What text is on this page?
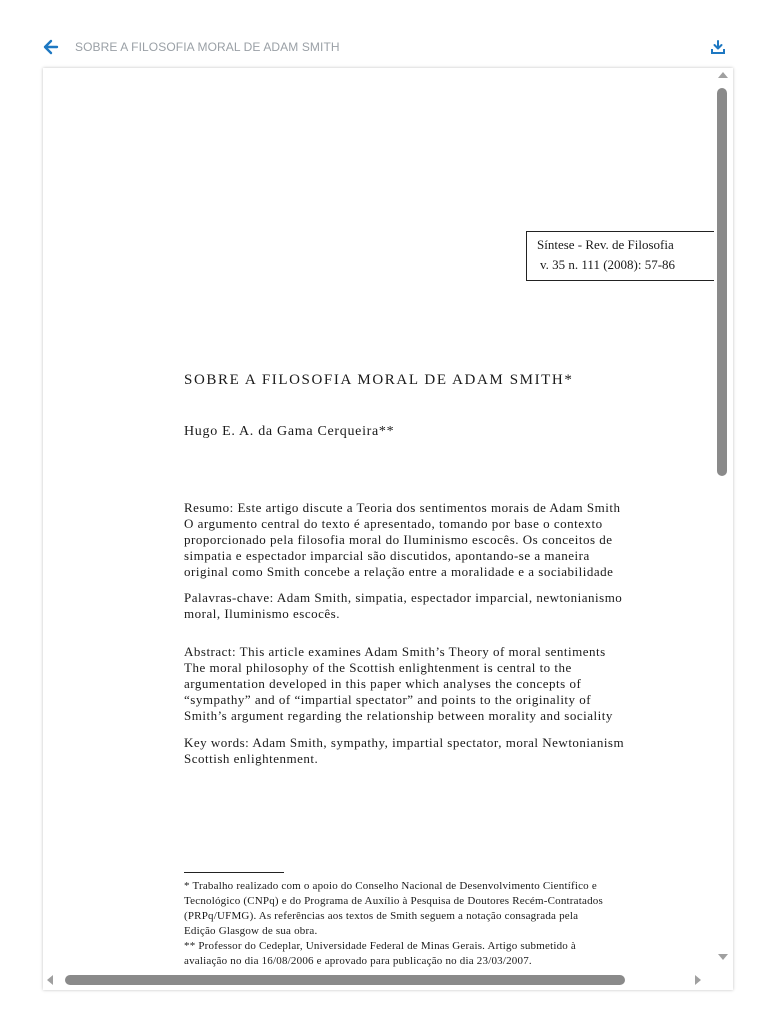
SOBRE A FILOSOFIA MORAL DE ADAM SMITH
Síntese - Rev. de Filosofia
v. 35 n. 111 (2008): 57-86
SOBRE A FILOSOFIA MORAL DE ADAM SMITH*
Hugo E. A. da Gama Cerqueira**
Resumo: Este artigo discute a Teoria dos sentimentos morais de Adam Smith
O argumento central do texto é apresentado, tomando por base o contexto
proporcionado pela filosofia moral do Iluminismo escocês. Os conceitos de
simpatia e espectador imparcial são discutidos, apontando-se a maneira
original como Smith concebe a relação entre a moralidade e a sociabilidade
Palavras-chave: Adam Smith, simpatia, espectador imparcial, newtonianismo
moral, Iluminismo escocês.
Abstract: This article examines Adam Smith’s Theory of moral sentiments
The moral philosophy of the Scottish enlightenment is central to the
argumentation developed in this paper which analyses the concepts of
“sympathy” and of “impartial spectator” and points to the originality of
Smith’s argument regarding the relationship between morality and sociality
Key words: Adam Smith, sympathy, impartial spectator, moral Newtonianism
Scottish enlightenment.
* Trabalho realizado com o apoio do Conselho Nacional de Desenvolvimento Científico e
Tecnológico (CNPq) e do Programa de Auxílio à Pesquisa de Doutores Recém-Contratados
(PRPq/UFMG). As referências aos textos de Smith seguem a notação consagrada pela
Edição Glasgow de sua obra.
** Professor do Cedeplar, Universidade Federal de Minas Gerais. Artigo submetido à
avaliação no dia 16/08/2006 e aprovado para publicação no dia 23/03/2007.
